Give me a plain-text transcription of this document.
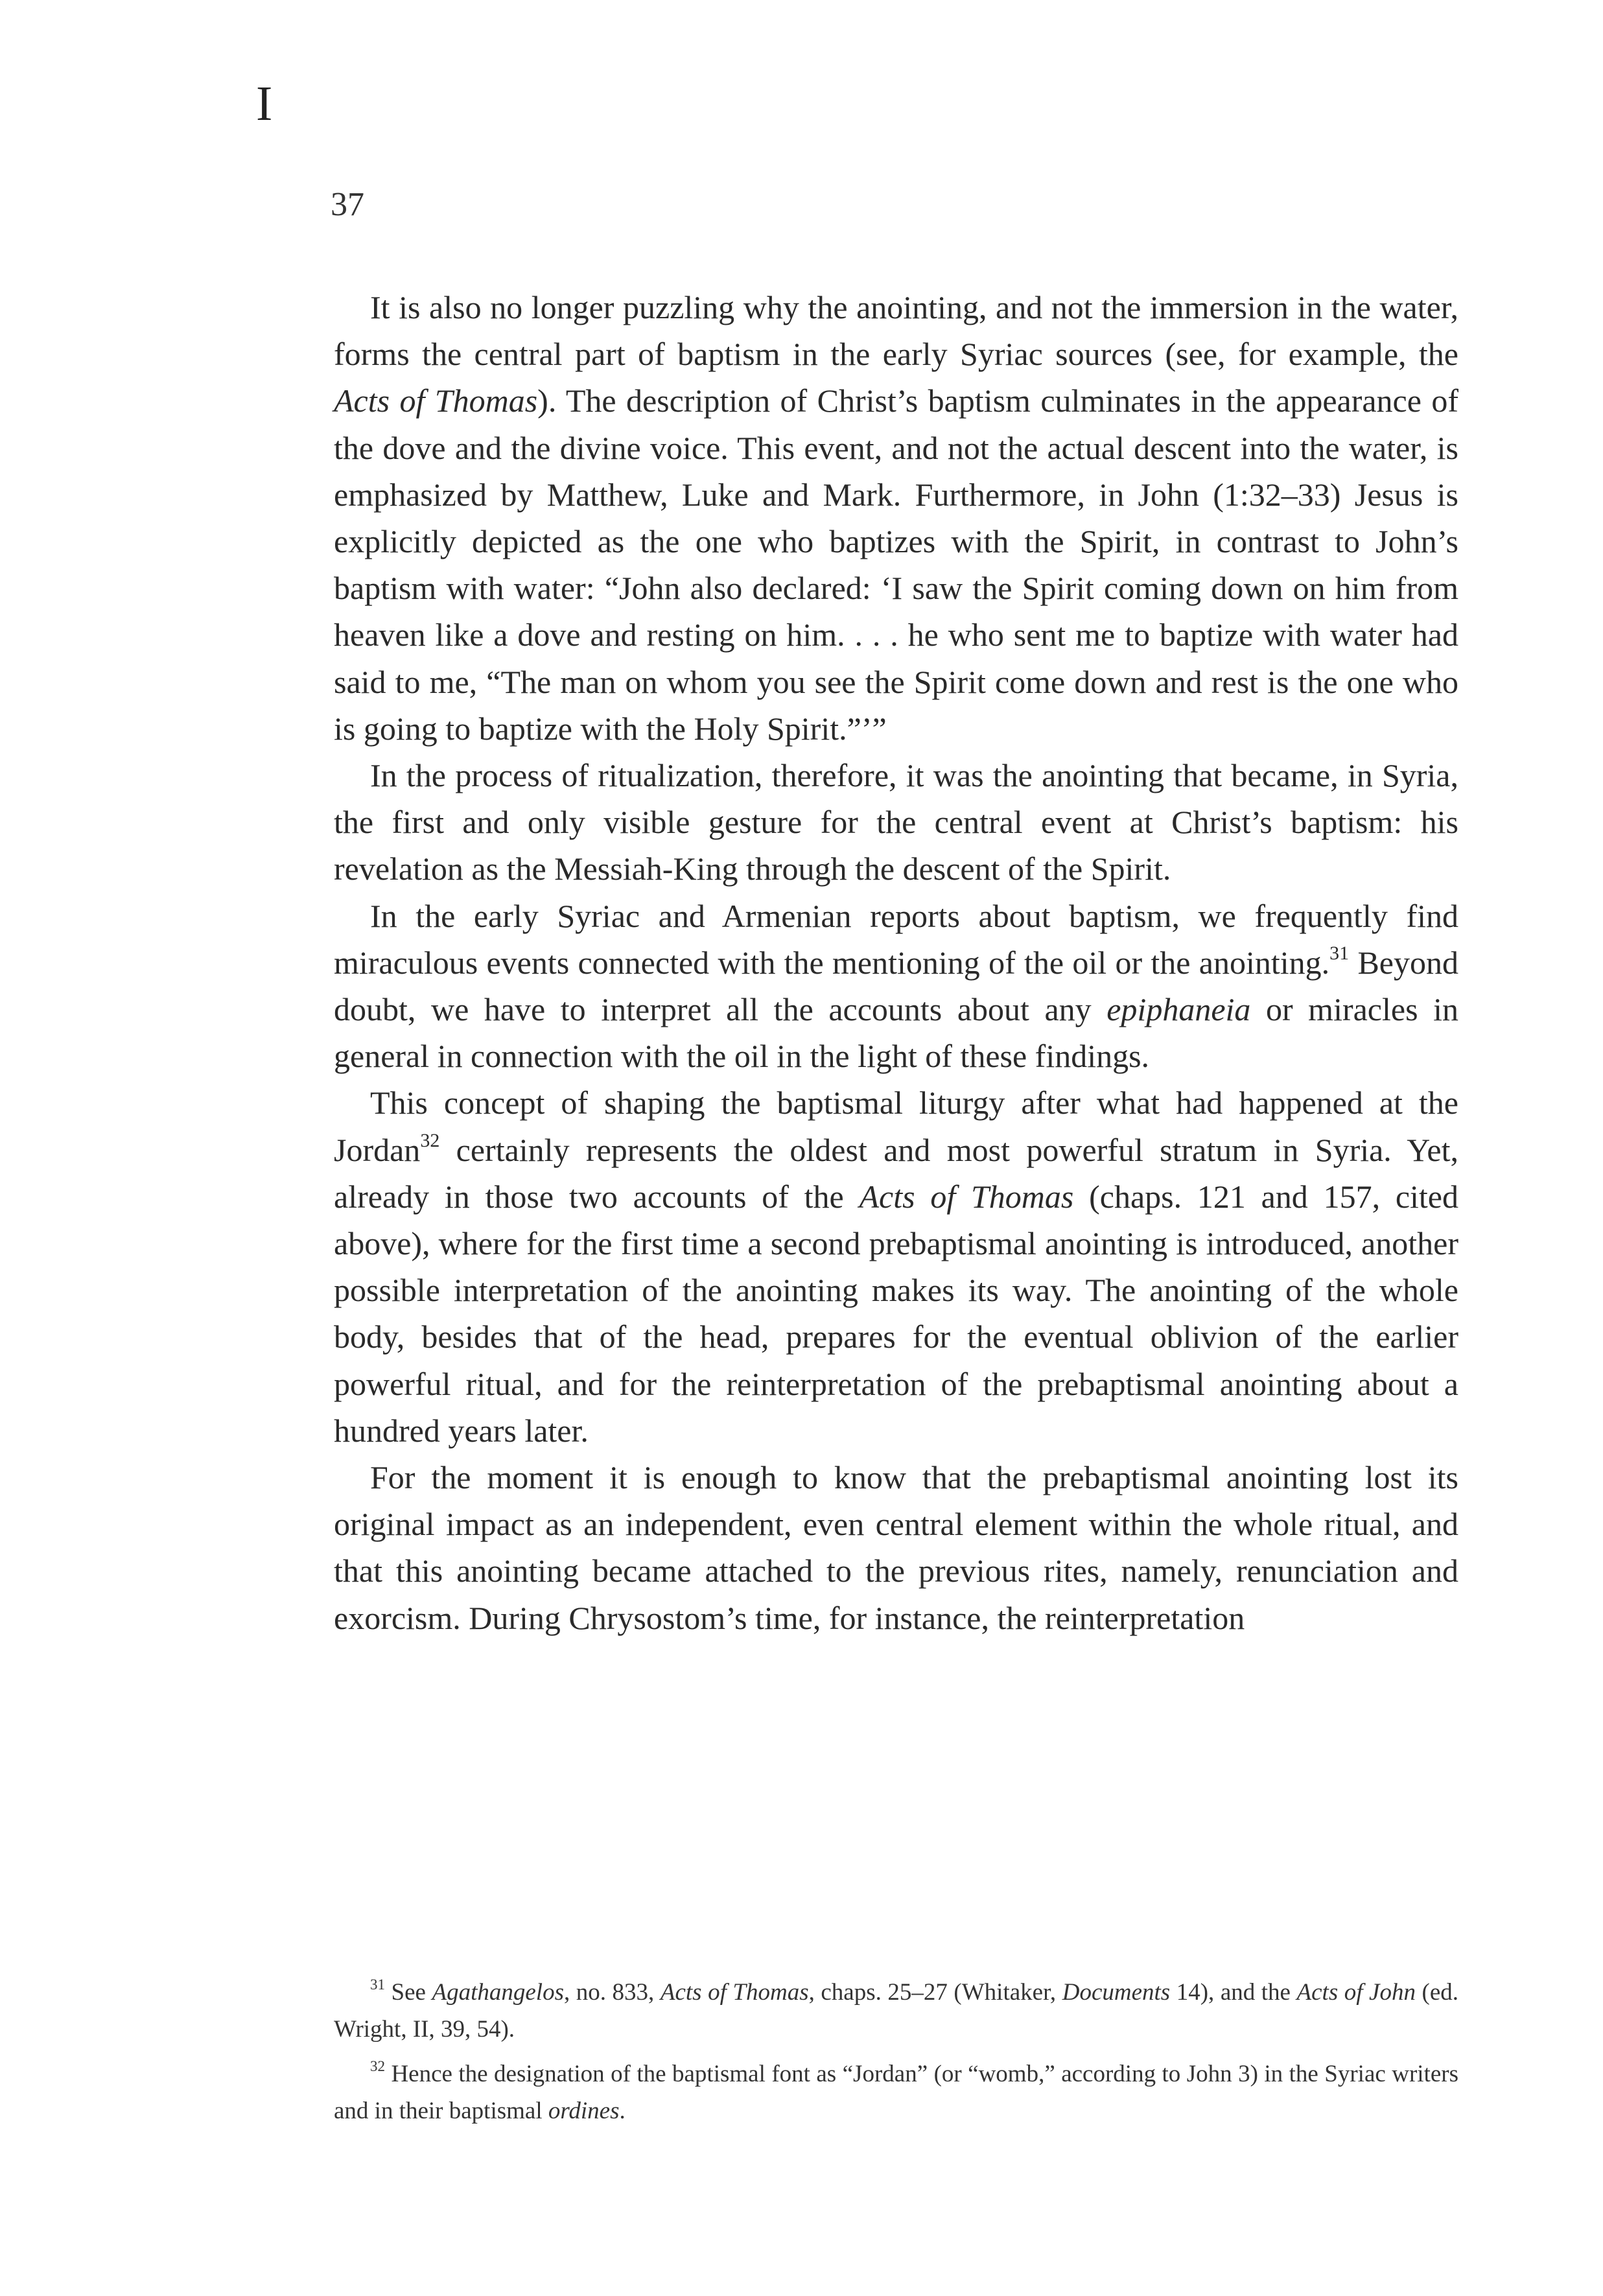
I
37

It is also no longer puzzling why the anointing, and not the immersion in the water, forms the central part of baptism in the early Syriac sources (see, for example, the Acts of Thomas). The description of Christ’s baptism culminates in the appearance of the dove and the divine voice. This event, and not the actual descent into the water, is emphasized by Matthew, Luke and Mark. Furthermore, in John (1:32–33) Jesus is explicitly depicted as the one who baptizes with the Spirit, in contrast to John’s baptism with water: “John also declared: ‘I saw the Spirit coming down on him from heaven like a dove and resting on him. . . . he who sent me to baptize with water had said to me, “The man on whom you see the Spirit come down and rest is the one who is going to baptize with the Holy Spirit.”’”

In the process of ritualization, therefore, it was the anointing that became, in Syria, the first and only visible gesture for the central event at Christ’s baptism: his revelation as the Messiah-King through the descent of the Spirit.

In the early Syriac and Armenian reports about baptism, we frequently find miraculous events connected with the mentioning of the oil or the anointing.$^{31}$ Beyond doubt, we have to interpret all the accounts about any epiphaneia or miracles in general in connection with the oil in the light of these findings.

This concept of shaping the baptismal liturgy after what had happened at the Jordan$^{32}$ certainly represents the oldest and most powerful stratum in Syria. Yet, already in those two accounts of the Acts of Thomas (chaps. 121 and 157, cited above), where for the first time a second prebaptismal anointing is introduced, another possible interpretation of the anointing makes its way. The anointing of the whole body, besides that of the head, prepares for the eventual oblivion of the earlier powerful ritual, and for the reinterpretation of the prebaptismal anointing about a hundred years later.

For the moment it is enough to know that the prebaptismal anointing lost its original impact as an independent, even central element within the whole ritual, and that this anointing became attached to the previous rites, namely, renunciation and exorcism. During Chrysostom’s time, for instance, the reinterpretation

$^{31}$ See Agathangelos, no. 833, Acts of Thomas, chaps. 25–27 (Whitaker, Documents 14), and the Acts of John (ed. Wright, II, 39, 54).

$^{32}$ Hence the designation of the baptismal font as “Jordan” (or “womb,” according to John 3) in the Syriac writers and in their baptismal ordines.
